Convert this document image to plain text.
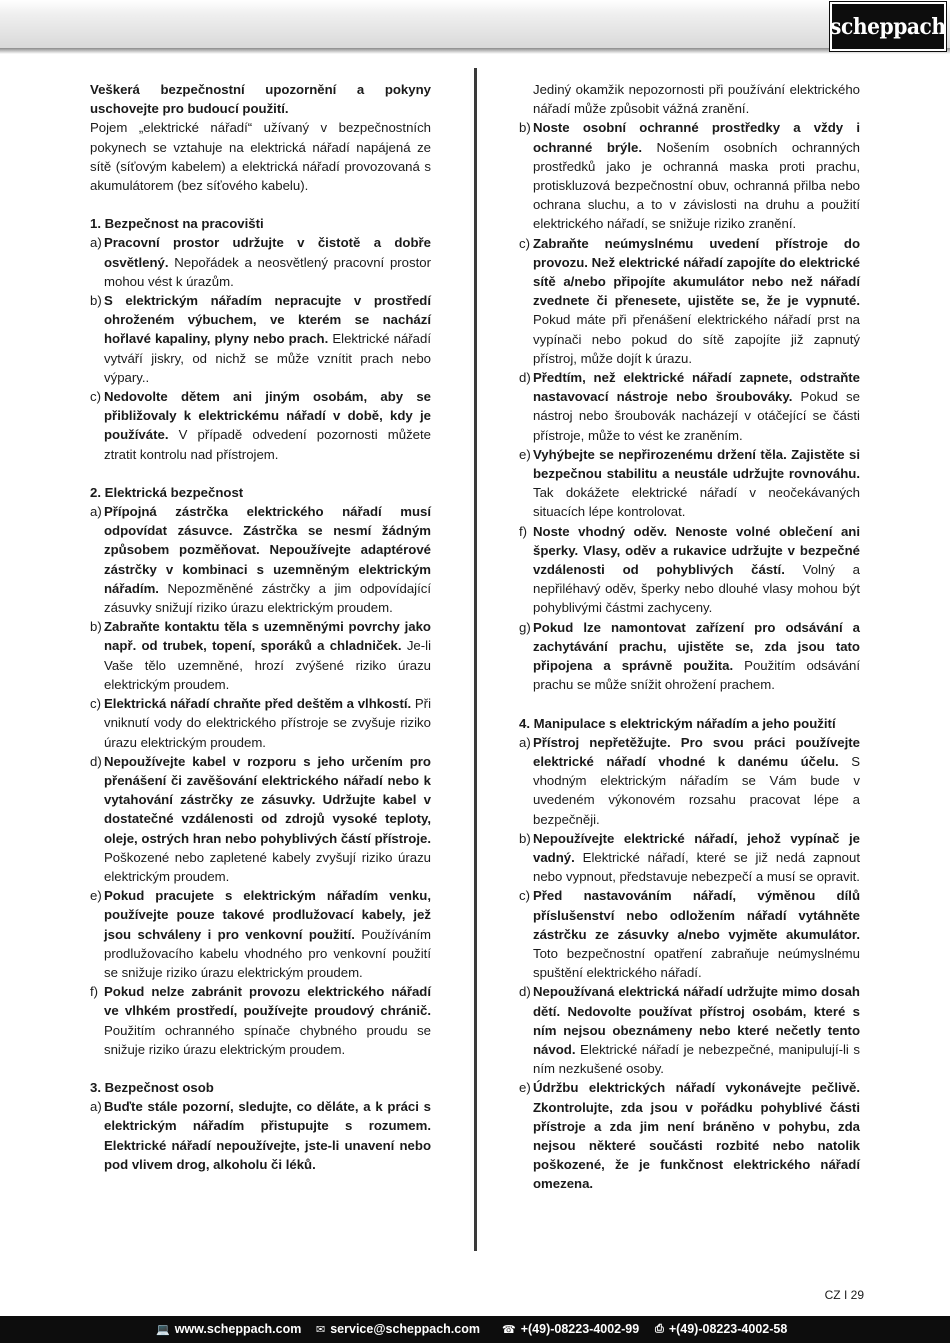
scheppach

Veškerá bezpečnostní upozornění a pokyny uschovejte pro budoucí použití.
Pojem „elektrické nářadí“ užívaný v bezpečnostních pokynech se vztahuje na elektrická nářadí napájená ze sítě (síťovým kabelem) a elektrická nářadí provozovaná s akumulátorem (bez síťového kabelu).

1. Bezpečnost na pracovišti
a) Pracovní prostor udržujte v čistotě a dobře osvětlený. Nepořádek a neosvětlený pracovní prostor mohou vést k úrazům.
b) S elektrickým nářadím nepracujte v prostředí ohroženém výbuchem, ve kterém se nachází hořlavé kapaliny, plyny nebo prach. Elektrické nářadí vytváří jiskry, od nichž se může vznítit prach nebo výpary..
c) Nedovolte dětem ani jiným osobám, aby se přibližovaly k elektrickému nářadí v době, kdy je používáte. V případě odvedení pozornosti můžete ztratit kontrolu nad přístrojem.
2. Elektrická bezpečnost
a) Přípojná zástrčka elektrického nářadí musí odpovídat zásuvce. Zástrčka se nesmí žádným způsobem pozměňovat. Nepoužívejte adaptérové zástrčky v kombinaci s uzemněným elektrickým nářadím. Nepozměněné zástrčky a jim odpovídající zásuvky snižují riziko úrazu elektrickým proudem.
b) Zabraňte kontaktu těla s uzemněnými povrchy jako např. od trubek, topení, sporáků a chladniček. Je-li Vaše tělo uzemněné, hrozí zvýšené riziko úrazu elektrickým proudem.
c) Elektrická nářadí chraňte před deštěm a vlhkostí. Při vniknutí vody do elektrického přístroje se zvyšuje riziko úrazu elektrickým proudem.
d) Nepoužívejte kabel v rozporu s jeho určením pro přenášení či zavěšování elektrického nářadí nebo k vytahování zástrčky ze zásuvky. Udržujte kabel v dostatečné vzdálenosti od zdrojů vysoké teploty, oleje, ostrých hran nebo pohyblivých částí přístroje. Poškozené nebo zapletené kabely zvyšují riziko úrazu elektrickým proudem.
e) Pokud pracujete s elektrickým nářadím venku, používejte pouze takové prodlužovací kabely, jež jsou schváleny i pro venkovní použití. Používáním prodlužovacího kabelu vhodného pro venkovní použití se snižuje riziko úrazu elektrickým proudem.
f) Pokud nelze zabránit provozu elektrického nářadí ve vlhkém prostředí, používejte proudový chránič. Použitím ochranného spínače chybného proudu se snižuje riziko úrazu elektrickým proudem.
3. Bezpečnost osob
a) Buďte stále pozorní, sledujte, co děláte, a k práci s elektrickým nářadím přistupujte s rozumem. Elektrické nářadí nepoužívejte, jste-li unavení nebo pod vlivem drog, alkoholu či léků.
Jediný okamžik nepozornosti při používání elektrického nářadí může způsobit vážná zranění.
b) Noste osobní ochranné prostředky a vždy i ochranné brýle. Nošením osobních ochranných prostředků jako je ochranná maska proti prachu, protiskluzová bezpečnostní obuv, ochranná přilba nebo ochrana sluchu, a to v závislosti na druhu a použití elektrického nářadí, se snižuje riziko zranění.
c) Zabraňte neúmyslnému uvedení přístroje do provozu. Než elektrické nářadí zapojíte do elektrické sítě a/nebo připojíte akumulátor nebo než nářadí zvednete či přenesete, ujistěte se, že je vypnuté. Pokud máte při přenášení elektrického nářadí prst na vypínači nebo pokud do sítě zapojíte již zapnutý přístroj, může dojít k úrazu.
d) Předtím, než elektrické nářadí zapnete, odstraňte nastavovací nástroje nebo šroubováky. Pokud se nástroj nebo šroubovák nacházejí v otáčející se části přístroje, může to vést ke zraněním.
e) Vyhýbejte se nepřirozenému držení těla. Zajistěte si bezpečnou stabilitu a neustále udržujte rovnováhu. Tak dokážete elektrické nářadí v neočekávaných situacích lépe kontrolovat.
f) Noste vhodný oděv. Nenoste volné oblečení ani šperky. Vlasy, oděv a rukavice udržujte v bezpečné vzdálenosti od pohyblivých částí. Volný a nepřiléhavý oděv, šperky nebo dlouhé vlasy mohou být pohyblivými částmi zachyceny.
g) Pokud lze namontovat zařízení pro odsávání a zachytávání prachu, ujistěte se, zda jsou tato připojena a správně použita. Použitím odsávání prachu se může snížit ohrožení prachem.
4. Manipulace s elektrickým nářadím a jeho použití
a) Přístroj nepřetěžujte. Pro svou práci používejte elektrické nářadí vhodné k danému účelu. S vhodným elektrickým nářadím se Vám bude v uvedeném výkonovém rozsahu pracovat lépe a bezpečněji.
b) Nepoužívejte elektrické nářadí, jehož vypínač je vadný. Elektrické nářadí, které se již nedá zapnout nebo vypnout, představuje nebezpečí a musí se opravit.
c) Před nastavováním nářadí, výměnou dílů příslušenství nebo odložením nářadí vytáhněte zástrčku ze zásuvky a/nebo vyjměte akumulátor. Toto bezpečnostní opatření zabraňuje neúmyslnému spuštění elektrického nářadí.
d) Nepoužívaná elektrická nářadí udržujte mimo dosah dětí. Nedovolte používat přístroj osobám, které s ním nejsou obeznámeny nebo které nečetly tento návod. Elektrické nářadí je nebezpečné, manipulují-li s ním nezkušené osoby.
e) Údržbu elektrických nářadí vykonávejte pečlivě. Zkontrolujte, zda jsou v pořádku pohyblivé části přístroje a zda jim není bráněno v pohybu, zda nejsou některé součásti rozbité nebo natolik poškozené, že je funkčnost elektrického nářadí omezena.
CZ I 29
💻 www.scheppach.com ✉ service@scheppach.com ☎ +(49)-08223-4002-99 ⎙ +(49)-08223-4002-58
